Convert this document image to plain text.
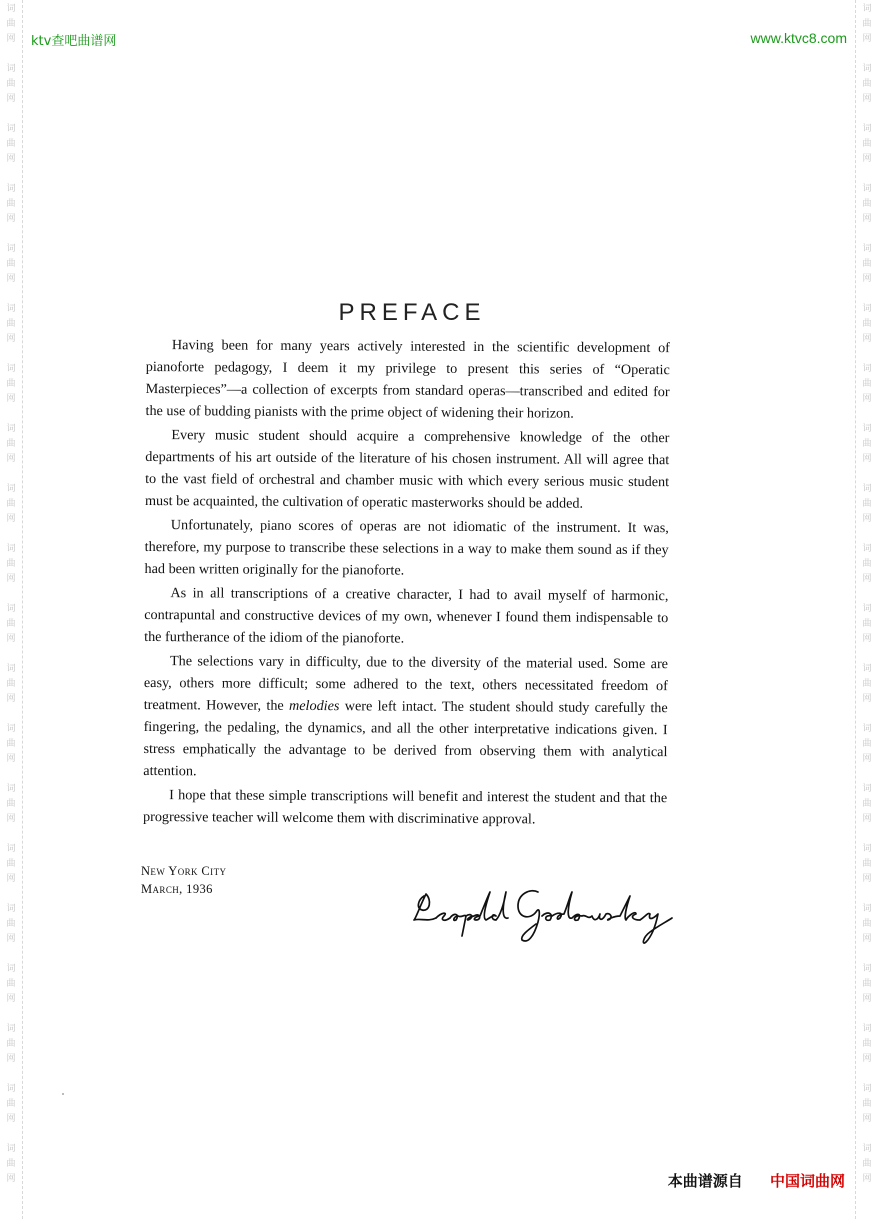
词
曲
网
词
曲
网
词
曲
网
词
曲
网
词
曲
网
词
曲
网
词
曲
网
词
曲
网
词
曲
网
词
曲
网
词
曲
网
词
曲
网
词
曲
网
词
曲
网
词
曲
网
词
曲
网
词
曲
网
词
曲
网
词
曲
网
词
曲
网
词
曲
网
词
曲
网
词
曲
网
词
曲
网
词
曲
网
词
曲
网
词
曲
网
词
曲
网
词
曲
网
词
曲
网
词
曲
网
词
曲
网
词
曲
网
词
曲
网
词
曲
网
词
曲
网
词
曲
网
词
曲
网
词
曲
网
词
曲
网
ktv查吧曲谱网	www.ktvc8.com
PREFACE

Having been for many years actively interested in the scientific development of pianoforte pedagogy, I deem it my privilege to present this series of “Operatic Masterpieces”—a collection of excerpts from standard operas—transcribed and edited for the use of budding pianists with the prime object of widening their horizon.

Every music student should acquire a comprehensive knowledge of the other departments of his art outside of the literature of his chosen instrument. All will agree that to the vast field of orchestral and chamber music with which every serious music student must be acquainted, the cultivation of operatic masterworks should be added.

Unfortunately, piano scores of operas are not idiomatic of the instrument. It was, therefore, my purpose to transcribe these selections in a way to make them sound as if they had been written originally for the pianoforte.

As in all transcriptions of a creative character, I had to avail myself of harmonic, contrapuntal and constructive devices of my own, whenever I found them indispensable to the furtherance of the idiom of the pianoforte.

The selections vary in difficulty, due to the diversity of the material used. Some are easy, others more difficult; some adhered to the text, others necessitated freedom of treatment. However, the melodies were left intact. The student should study carefully the fingering, the pedaling, the dynamics, and all the other interpretative indications given. I stress emphatically the advantage to be derived from observing them with analytical attention.

I hope that these simple transcriptions will benefit and interest the student and that the progressive teacher will welcome them with discriminative approval.

New York City
March, 1936
本曲谱源自 中国词曲网
